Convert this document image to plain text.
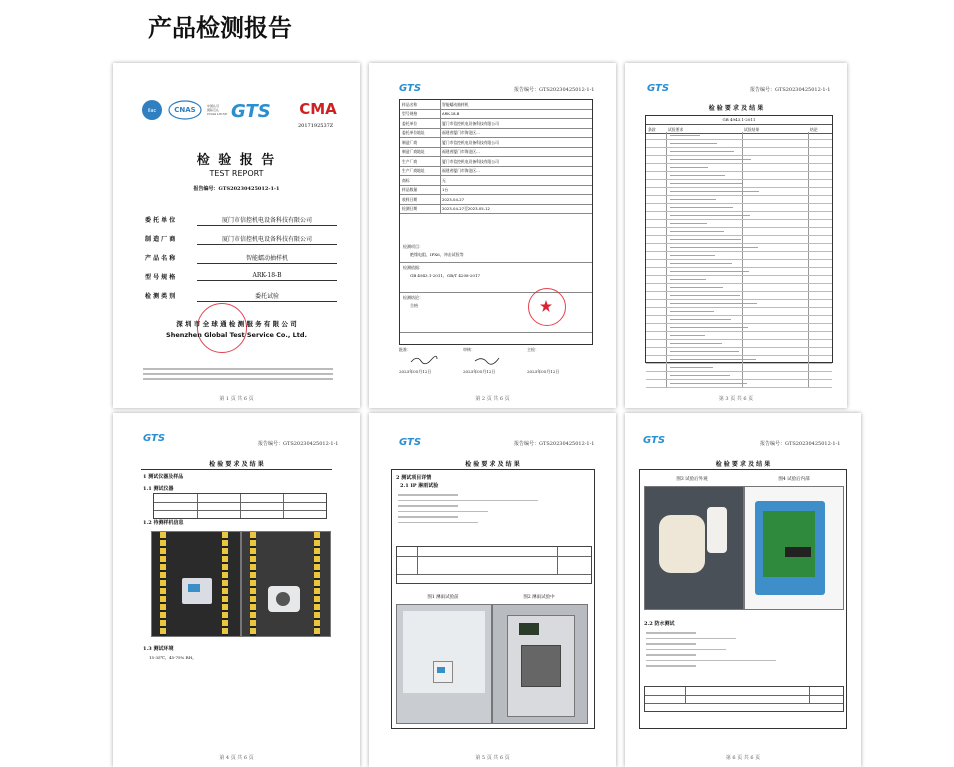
产品检测报告
ilac	CNAS	中国认可
国际互认
CNAS L8158 GTS CMA
2017192537Z
检 验 报 告
TEST REPORT
报告编号：GTS20230425012-1-1
委 托 单 位	厦门市信控机电设备科技有限公司
制 造 厂 商	厦门市信控机电设备科技有限公司
产 品 名 称	智能蠕动抽样机
型 号 规 格	ARK-18-B
检 测 类 别	委托试验
深 圳 市 全 球 通 检 测 服 务 有 限 公 司
Shenzhen Global Test Service Co., Ltd.
第 1 页 共 6 页
GTS	报告编号：GTS20230425012-1-1
样品名称	智能蠕动抽样机
型号规格	ARK-18-B
委托单位	厦门市信控机电设备科技有限公司
委托单位地址	福建省厦门市海沧区...
制造厂商	厦门市信控机电设备科技有限公司
制造厂商地址	福建省厦门市海沧区...
生产厂商	厦门市信控机电设备科技有限公司
生产厂商地址	福建省厦门市海沧区...
商标	无
样品数量	1台
收样日期	2023-04-27
检测日期	2023-04-27至2023-05-12
检测项目：
绝缘电阻、IPX6、冲击试验等
检测依据：
GB 4943.1-2011、GB/T 4208-2017
检测结论：
合格
批准：	审核：	主检：
2023年05月12日	2023年05月12日	2023年05月12日
第 2 页 共 6 页
GTS	报告编号：GTS20230425012-1-1
检 验 要 求 及 结 果
GB 4943.1-2011
条款	试验要求	试验结果	结论
第 3 页 共 6 页
GTS	报告编号：GTS20230425012-1-1
检 验 要 求 及 结 果
1 测试仪器及样品
1.1 测试仪器
1.2 待测样机信息
1.3 测试环境
15-35℃，45-75% RH。
第 4 页 共 6 页
GTS	报告编号：GTS20230425012-1-1
检 验 要 求 及 结 果
2 测试项目详情
2.1 IP 淋雨试验
图1 淋雨试验前	图2 淋雨试验中
第 5 页 共 6 页
GTS	报告编号：GTS20230425012-1-1
检 验 要 求 及 结 果
图3 试验后外观	图4 试验后内部
2.2 防水测试
第 6 页 共 6 页
